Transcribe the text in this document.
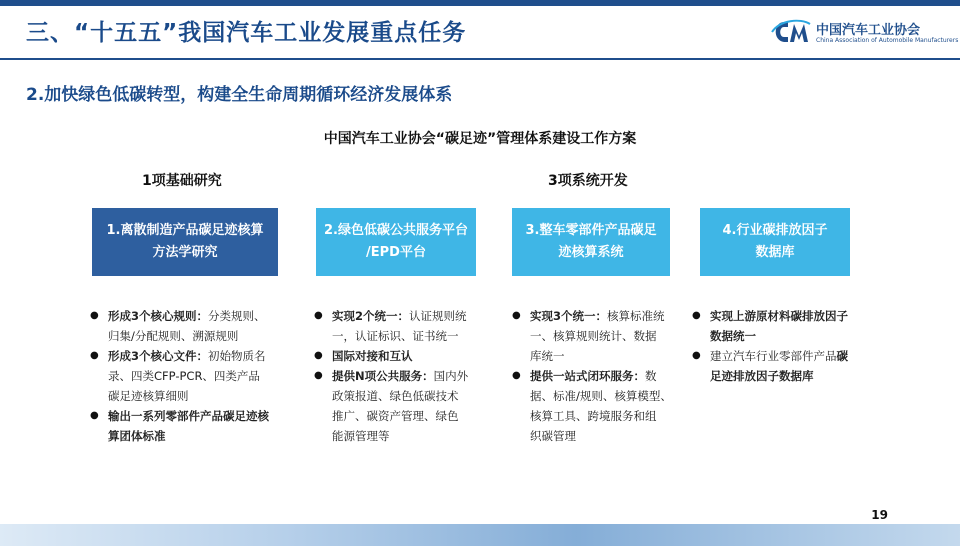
三、“十五五”我国汽车工业发展重点任务	中国汽车工业协会
China Association of Automobile Manufacturers
2.加快绿色低碳转型，构建全生命周期循环经济发展体系
中国汽车工业协会“碳足迹”管理体系建设工作方案
1项基础研究	3项系统开发
1.离散制造产品碳足迹核算
方法学研究
2.绿色低碳公共服务平台
/EPD平台
3.整车零部件产品碳足
迹核算系统
4.行业碳排放因子
数据库
● 形成3个核心规则：分类规则、
归集/分配规则、溯源规则
● 形成3个核心文件：初始物质名
录、四类CFP-PCR、四类产品
碳足迹核算细则
● 输出一系列零部件产品碳足迹核
算团体标准
● 实现2个统一：认证规则统
一，认证标识、证书统一
● 国际对接和互认
● 提供N项公共服务：国内外
政策报道、绿色低碳技术
推广、碳资产管理、绿色
能源管理等
● 实现3个统一：核算标准统
一、核算规则统计、数据
库统一
● 提供一站式闭环服务：数
据、标准/规则、核算模型、
核算工具、跨境服务和组
织碳管理
● 实现上游原材料碳排放因子
数据统一
● 建立汽车行业零部件产品碳
足迹排放因子数据库
19
